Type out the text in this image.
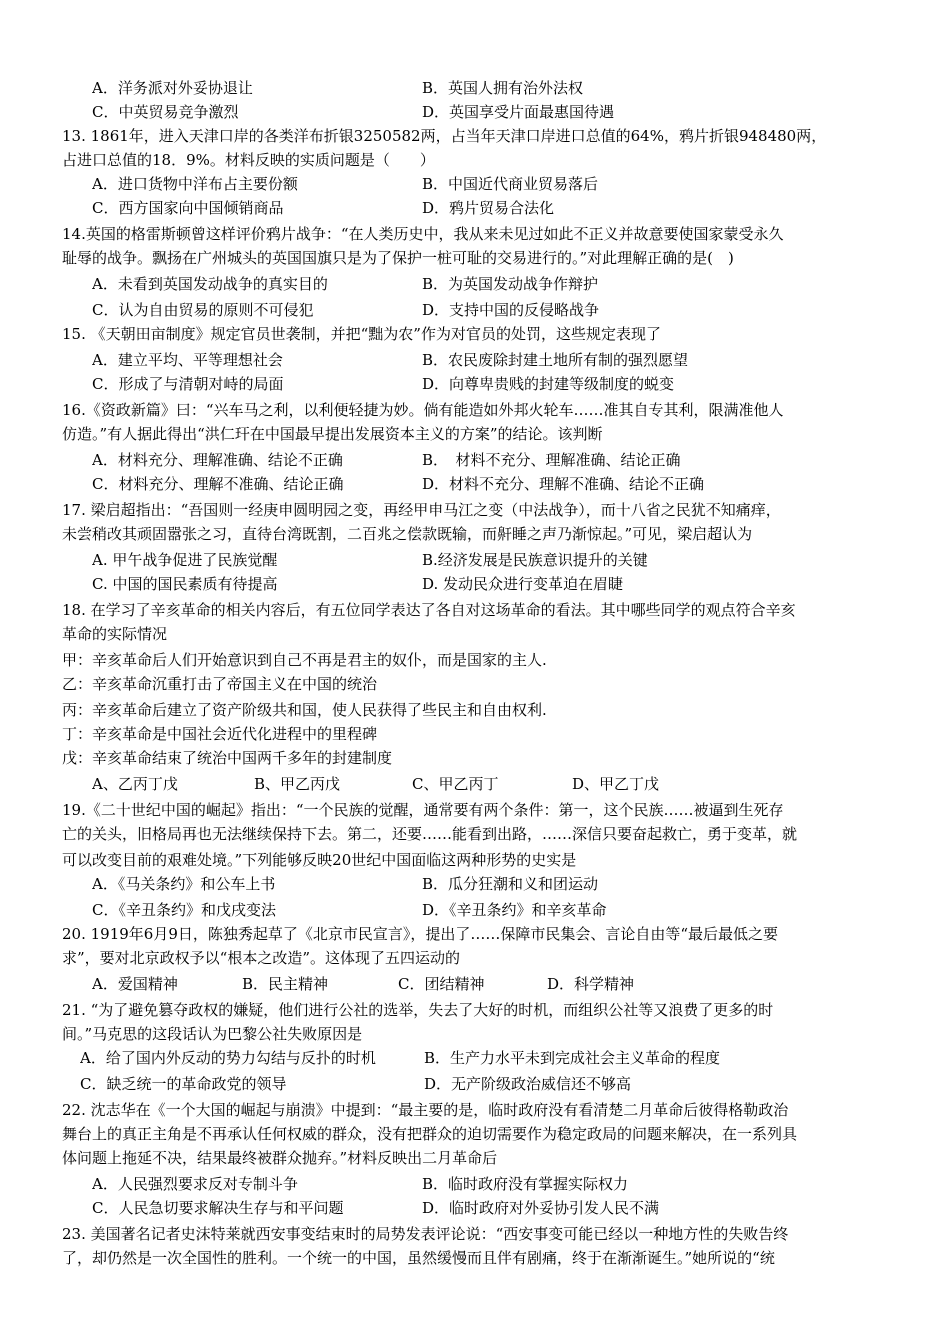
A．洋务派对外妥协退让	B．英国人拥有治外法权
C．中英贸易竞争激烈	D．英国享受片面最惠国待遇
13. 1861年，进入天津口岸的各类洋布折银3250582两，占当年天津口岸进口总值的64%，鸦片折银948480两，
占进口总值的18．9%。材料反映的实质问题是（　　）
A．进口货物中洋布占主要份额	B．中国近代商业贸易落后
C．西方国家向中国倾销商品	D．鸦片贸易合法化
14.英国的格雷斯顿曾这样评价鸦片战争：“在人类历史中，我从来未见过如此不正义并故意要使国家蒙受永久
耻辱的战争。飘扬在广州城头的英国国旗只是为了保护一桩可耻的交易进行的。”对此理解正确的是(　)
A．未看到英国发动战争的真实目的	B．为英国发动战争作辩护
C．认为自由贸易的原则不可侵犯	D．支持中国的反侵略战争
15. 《天朝田亩制度》规定官员世袭制，并把“黜为农”作为对官员的处罚，这些规定表现了
A．建立平均、平等理想社会	B．农民废除封建土地所有制的强烈愿望
C．形成了与清朝对峙的局面	D．向尊卑贵贱的封建等级制度的蜕变
16.《资政新篇》曰：“兴车马之利，以利便轻捷为妙。倘有能造如外邦火轮车……准其自专其利，限满准他人
仿造。”有人据此得出“洪仁玕在中国最早提出发展资本主义的方案”的结论。该判断
A．材料充分、理解准确、结论不正确	B．　材料不充分、理解准确、结论正确
C．材料充分、理解不准确、结论正确	D．材料不充分、理解不准确、结论不正确
17. 梁启超指出：“吾国则一经庚申圆明园之变，再经甲申马江之变（中法战争），而十八省之民犹不知痛痒，
未尝稍改其顽固嚣张之习，直待台湾既割，二百兆之偿款既输，而鼾睡之声乃渐惊起。”可见，梁启超认为
A. 甲午战争促进了民族觉醒	B.经济发展是民族意识提升的关键
C. 中国的国民素质有待提高	D. 发动民众进行变革迫在眉睫
18. 在学习了辛亥革命的相关内容后，有五位同学表达了各自对这场革命的看法。其中哪些同学的观点符合辛亥
革命的实际情况
甲：辛亥革命后人们开始意识到自己不再是君主的奴仆，而是国家的主人.
乙：辛亥革命沉重打击了帝国主义在中国的统治
丙：辛亥革命后建立了资产阶级共和国，使人民获得了些民主和自由权利.
丁：辛亥革命是中国社会近代化进程中的里程碑
戊：辛亥革命结束了统治中国两千多年的封建制度
A、乙丙丁戊	B、甲乙丙戊	C、甲乙丙丁	D、甲乙丁戊
19.《二十世纪中国的崛起》指出：“一个民族的觉醒，通常要有两个条件：第一，这个民族……被逼到生死存
亡的关头，旧格局再也无法继续保持下去。第二，还要……能看到出路，……深信只要奋起救亡，勇于变革，就
可以改变目前的艰难处境。”下列能够反映20世纪中国面临这两种形势的史实是
A．《马关条约》和公车上书	B．瓜分狂潮和义和团运动
C．《辛丑条约》和戊戌变法	D．《辛丑条约》和辛亥革命
20. 1919年6月9日，陈独秀起草了《北京市民宣言》，提出了……保障市民集会、言论自由等“最后最低之要
求”，要对北京政权予以“根本之改造”。这体现了五四运动的
A．爱国精神	B．民主精神	C．团结精神	D．科学精神
21. “为了避免篡夺政权的嫌疑，他们进行公社的选举，失去了大好的时机，而组织公社等又浪费了更多的时
间。”马克思的这段话认为巴黎公社失败原因是
A．给了国内外反动的势力勾结与反扑的时机	B．生产力水平未到完成社会主义革命的程度
C．缺乏统一的革命政党的领导	D．无产阶级政治威信还不够高
22. 沈志华在《一个大国的崛起与崩溃》中提到：“最主要的是，临时政府没有看清楚二月革命后彼得格勒政治
舞台上的真正主角是不再承认任何权威的群众，没有把群众的迫切需要作为稳定政局的问题来解决，在一系列具
体问题上拖延不决，结果最终被群众抛弃。”材料反映出二月革命后
A．人民强烈要求反对专制斗争	B．临时政府没有掌握实际权力
C．人民急切要求解决生存与和平问题	D．临时政府对外妥协引发人民不满
23. 美国著名记者史沫特莱就西安事变结束时的局势发表评论说：“西安事变可能已经以一种地方性的失败告终
了，却仍然是一次全国性的胜利。一个统一的中国，虽然缓慢而且伴有剧痛，终于在渐渐诞生。”她所说的“统
